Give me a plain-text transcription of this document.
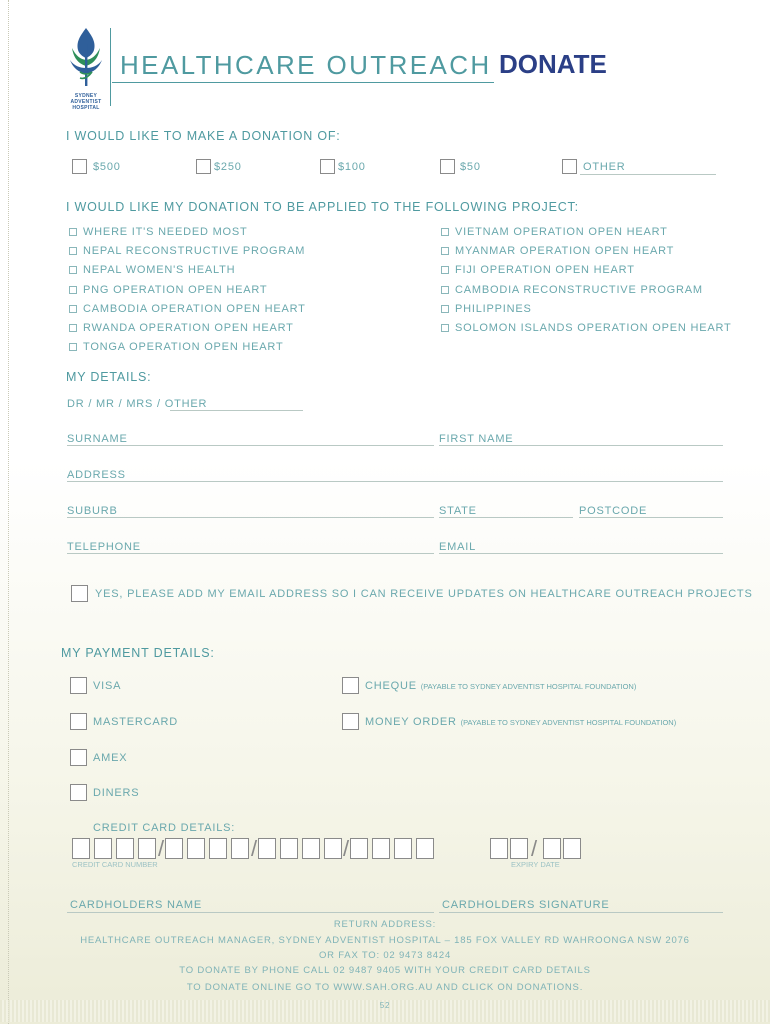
SYDNEY
ADVENTIST
HOSPITAL
HEALTHCARE OUTREACH DONATE
I WOULD LIKE TO MAKE A DONATION OF:
$500	$250	$100	$50	OTHER
I WOULD LIKE MY DONATION TO BE APPLIED TO THE FOLLOWING PROJECT:
WHERE IT'S NEEDED MOST
NEPAL RECONSTRUCTIVE PROGRAM
NEPAL WOMEN'S HEALTH
PNG OPERATION OPEN HEART
CAMBODIA OPERATION OPEN HEART
RWANDA OPERATION OPEN HEART
TONGA OPERATION OPEN HEART
VIETNAM OPERATION OPEN HEART
MYANMAR OPERATION OPEN HEART
FIJI OPERATION OPEN HEART
CAMBODIA RECONSTRUCTIVE PROGRAM
PHILIPPINES
SOLOMON ISLANDS OPERATION OPEN HEART
MY DETAILS:
DR / MR / MRS / OTHER
SURNAME	FIRST NAME
ADDRESS
SUBURB	STATE	POSTCODE
TELEPHONE	EMAIL
YES, PLEASE ADD MY EMAIL ADDRESS SO I CAN RECEIVE UPDATES ON HEALTHCARE OUTREACH PROJECTS
MY PAYMENT DETAILS:
VISA
MASTERCARD
AMEX
DINERS
CHEQUE (PAYABLE TO SYDNEY ADVENTIST HOSPITAL FOUNDATION)
MONEY ORDER (PAYABLE TO SYDNEY ADVENTIST HOSPITAL FOUNDATION)
CREDIT CARD DETAILS:
/	/	/	/
CREDIT CARD NUMBER	EXPIRY DATE
CARDHOLDERS NAME	CARDHOLDERS SIGNATURE
RETURN ADDRESS:
HEALTHCARE OUTREACH MANAGER, SYDNEY ADVENTIST HOSPITAL – 185 FOX VALLEY RD WAHROONGA NSW 2076
OR FAX TO: 02 9473 8424
TO DONATE BY PHONE CALL 02 9487 9405 WITH YOUR CREDIT CARD DETAILS
TO DONATE ONLINE GO TO WWW.SAH.ORG.AU AND CLICK ON DONATIONS.
52
